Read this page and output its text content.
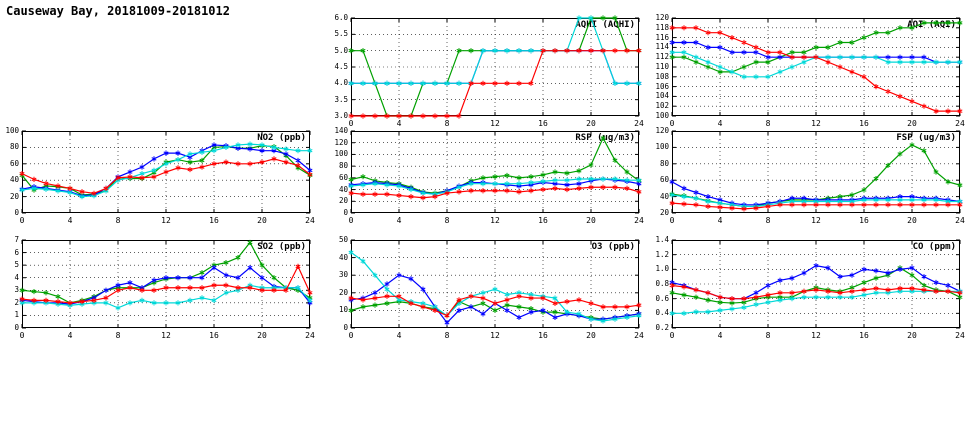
Causeway Bay, 20181009-20181012
AQHI (AQHI)
3.0
3.5
4.0
4.5
5.0
5.5
6.0
0	4	8	12	16	20	24
AQI (AQI)
100
102
104
106
108
110
112
114
116
118
120
0	4	8	12	16	20	24
NO2 (ppb)
0
20
40
60
80
100
0	4	8	12	16	20	24
RSP (ug/m3)
0
20
40
60
80
100
120
140
0	4	8	12	16	20	24
FSP (ug/m3)
20
40
60
80
100
120
0	4	8	12	16	20	24
SO2 (ppb)
0
1
2
3
4
5
6
7
0	4	8	12	16	20	24
O3 (ppb)
0
10
20
30
40
50
0	4	8	12	16	20	24
CO (ppm)
0.2
0.4
0.6
0.8
1.0
1.2
1.4
0	4	8	12	16	20	24
